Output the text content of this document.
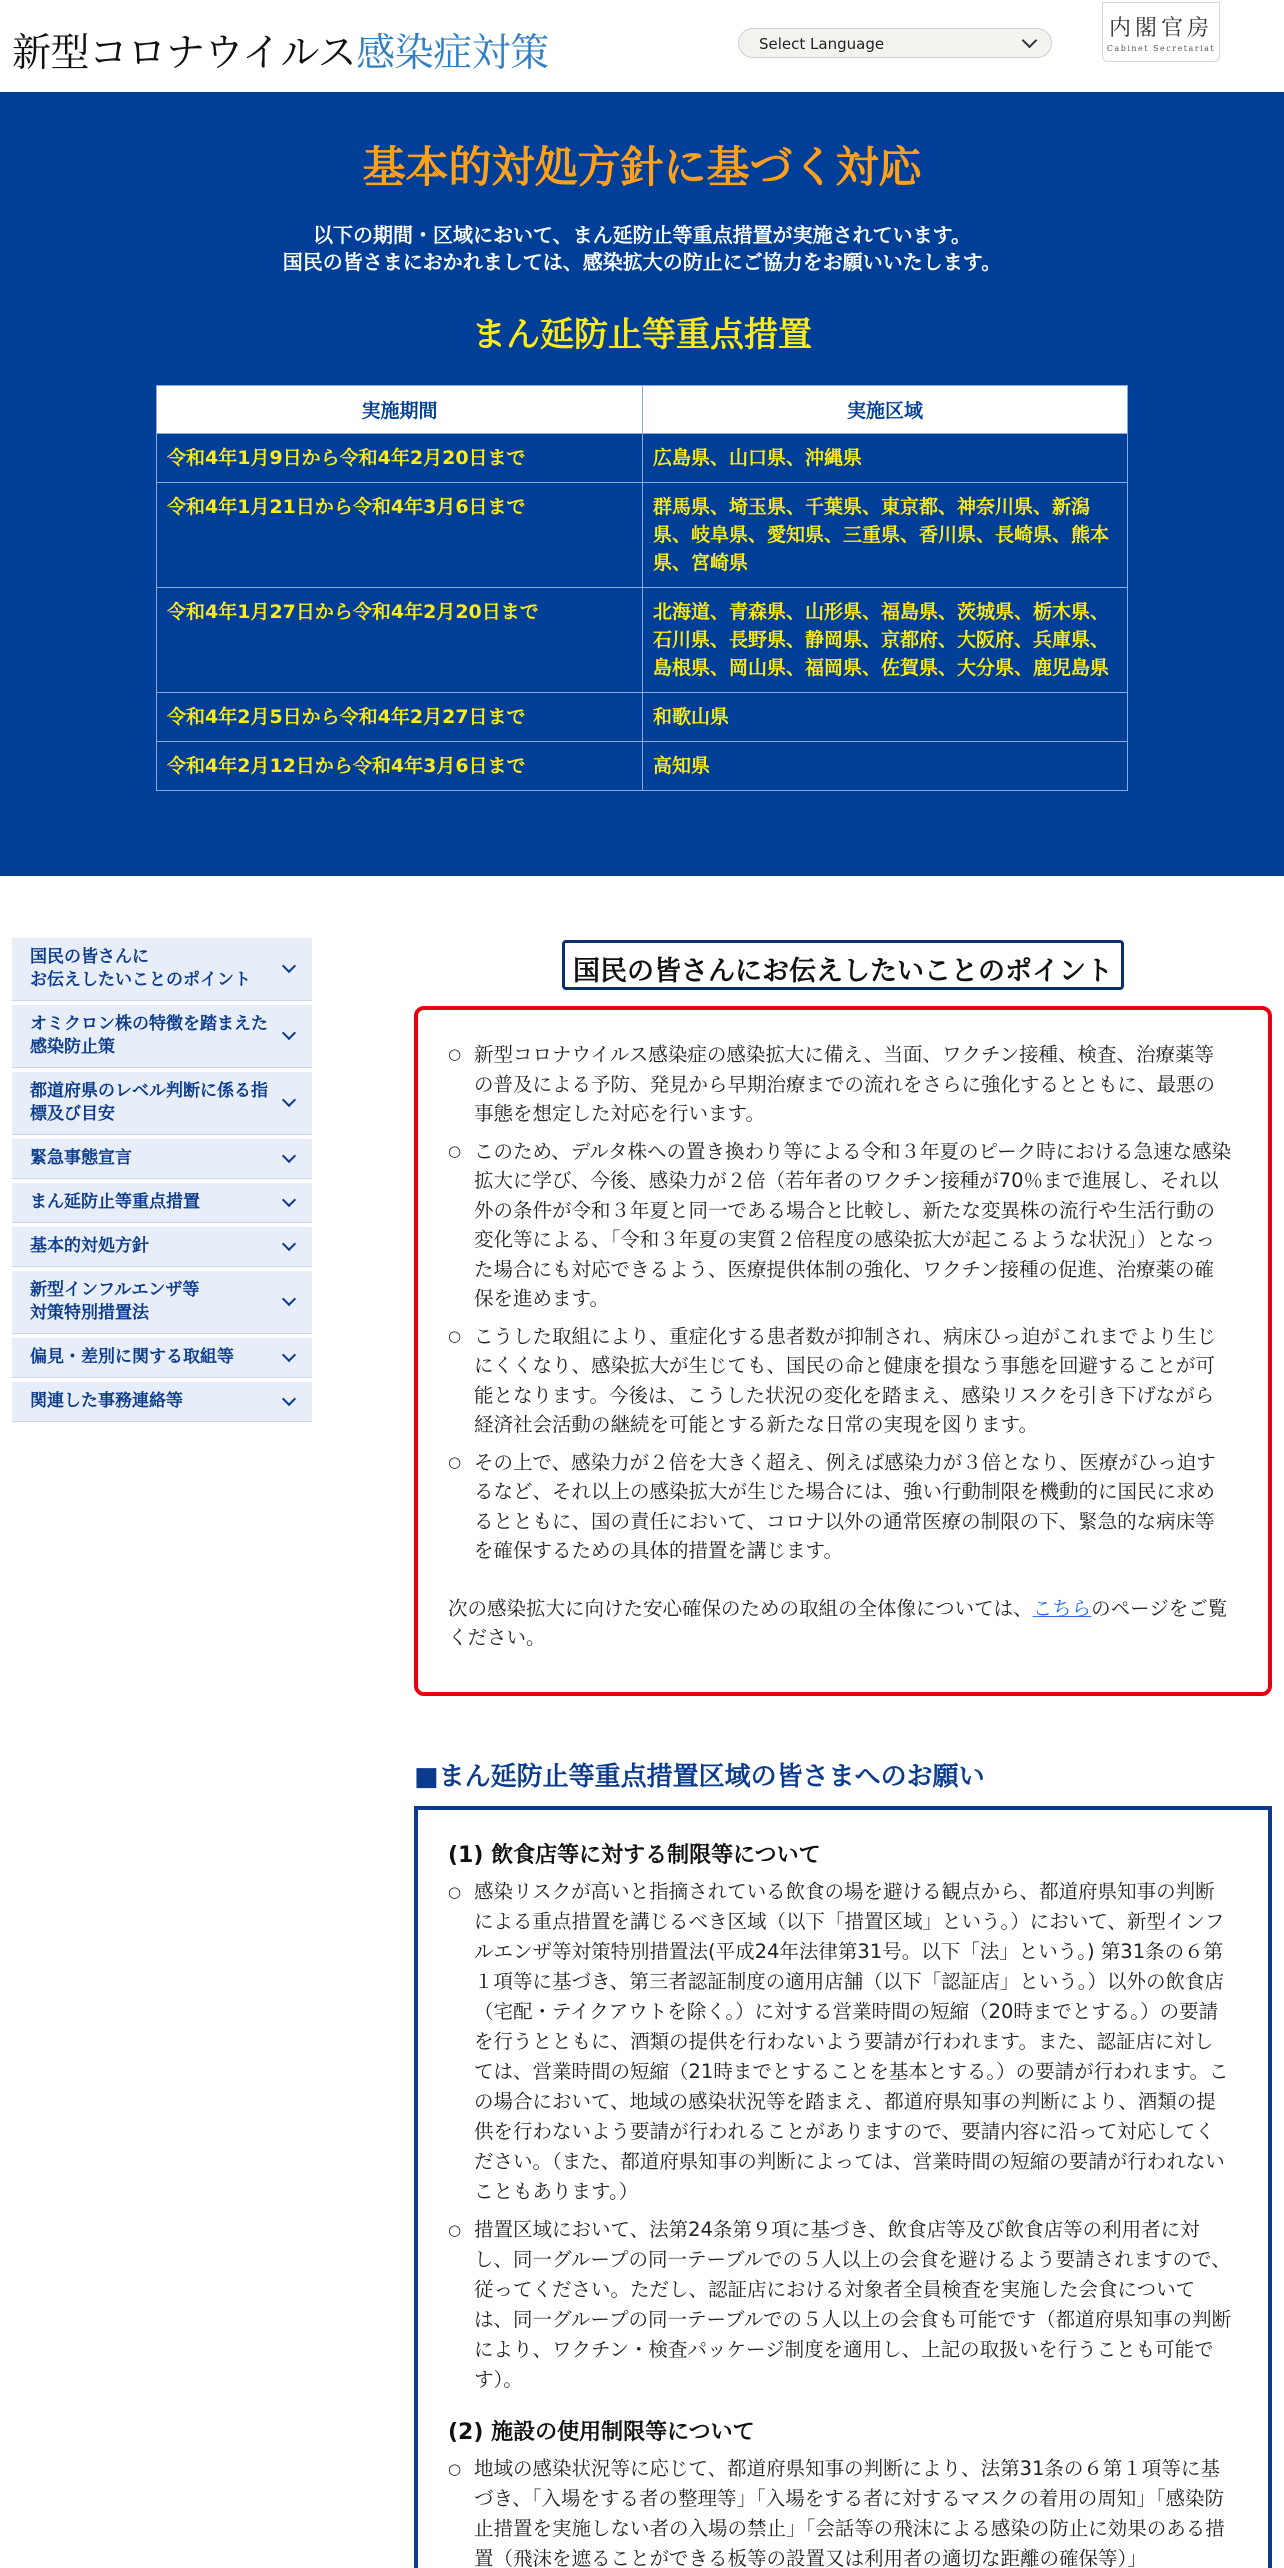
新型コロナウイルス感染症対策	Select Language
内閣官房
Cabinet Secretariat
基本的対処方針に基づく対応
以下の期間・区域において、まん延防止等重点措置が実施されています。
国民の皆さまにおかれましては、感染拡大の防止にご協力をお願いいたします。
まん延防止等重点措置
実施期間	実施区域
令和4年1月9日から令和4年2月20日まで	広島県、山口県、沖縄県
令和4年1月21日から令和4年3月6日まで	群馬県、埼玉県、千葉県、東京都、神奈川県、新潟県、岐阜県、愛知県、三重県、香川県、長崎県、熊本県、宮崎県
令和4年1月27日から令和4年2月20日まで	北海道、青森県、山形県、福島県、茨城県、栃木県、石川県、長野県、静岡県、京都府、大阪府、兵庫県、島根県、岡山県、福岡県、佐賀県、大分県、鹿児島県
令和4年2月5日から令和4年2月27日まで	和歌山県
令和4年2月12日から令和4年3月6日まで	高知県
国民の皆さんに
お伝えしたいことのポイント
オミクロン株の特徴を踏まえた
感染防止策
都道府県のレベル判断に係る指
標及び目安
緊急事態宣言
まん延防止等重点措置
基本的対処方針
新型インフルエンザ等
対策特別措置法
偏見・差別に関する取組等
関連した事務連絡等
国民の皆さんにお伝えしたいことのポイント
○ 新型コロナウイルス感染症の感染拡大に備え、当面、ワクチン接種、検査、治療薬等の普及による予防、発見から早期治療までの流れをさらに強化するとともに、最悪の事態を想定した対応を行います。
○ このため、デルタ株への置き換わり等による令和３年夏のピーク時における急速な感染拡大に学び、今後、感染力が２倍（若年者のワクチン接種が70％まで進展し、それ以外の条件が令和３年夏と同一である場合と比較し、新たな変異株の流行や生活行動の変化等による、「令和３年夏の実質２倍程度の感染拡大が起こるような状況」）となった場合にも対応できるよう、医療提供体制の強化、ワクチン接種の促進、治療薬の確保を進めます。
○ こうした取組により、重症化する患者数が抑制され、病床ひっ迫がこれまでより生じにくくなり、感染拡大が生じても、国民の命と健康を損なう事態を回避することが可能となります。今後は、こうした状況の変化を踏まえ、感染リスクを引き下げながら経済社会活動の継続を可能とする新たな日常の実現を図ります。
○ その上で、感染力が２倍を大きく超え、例えば感染力が３倍となり、医療がひっ迫するなど、それ以上の感染拡大が生じた場合には、強い行動制限を機動的に国民に求めるとともに、国の責任において、コロナ以外の通常医療の制限の下、緊急的な病床等を確保するための具体的措置を講じます。

次の感染拡大に向けた安心確保のための取組の全体像については、こちらのページをご覧ください。

■まん延防止等重点措置区域の皆さまへのお願い
(1) 飲食店等に対する制限等について
○ 感染リスクが高いと指摘されている飲食の場を避ける観点から、都道府県知事の判断による重点措置を講じるべき区域（以下「措置区域」という。）において、新型インフルエンザ等対策特別措置法(平成24年法律第31号。以下「法」という。) 第31条の６第１項等に基づき、第三者認証制度の適用店舗（以下「認証店」という。）以外の飲食店（宅配・テイクアウトを除く。）に対する営業時間の短縮（20時までとする。）の要請を行うとともに、酒類の提供を行わないよう要請が行われます。また、認証店に対しては、営業時間の短縮（21時までとすることを基本とする。）の要請が行われます。この場合において、地域の感染状況等を踏まえ、都道府県知事の判断により、酒類の提供を行わないよう要請が行われることがありますので、要請内容に沿って対応してください。（また、都道府県知事の判断によっては、営業時間の短縮の要請が行われないこともあります。）
○ 措置区域において、法第24条第９項に基づき、飲食店等及び飲食店等の利用者に対し、同一グループの同一テーブルでの５人以上の会食を避けるよう要請されますので、従ってください。ただし、認証店における対象者全員検査を実施した会食については、同一グループの同一テーブルでの５人以上の会食も可能です（都道府県知事の判断により、ワクチン・検査パッケージ制度を適用し、上記の取扱いを行うことも可能です）。
(2) 施設の使用制限等について
○ 地域の感染状況等に応じて、都道府県知事の判断により、法第31条の６第１項等に基づき、「入場をする者の整理等」「入場をする者に対するマスクの着用の周知」「感染防止措置を実施しない者の入場の禁止」「会話等の飛沫による感染の防止に効果のある措置（飛沫を遮ることができる板等の設置又は利用者の適切な距離の確保等）」
